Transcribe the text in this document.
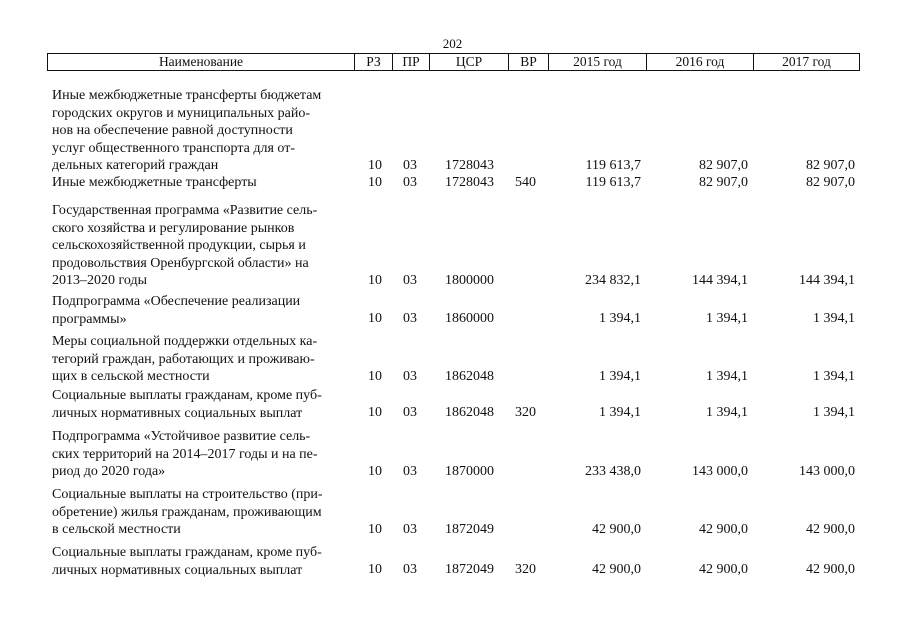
202
Наименование	РЗ	ПР	ЦСР	ВР	2015 год	2016 год	2017 год
Иные межбюджетные трансферты бюджетам
городских округов и муниципальных райо-
нов на обеспечение равной доступности
услуг общественного транспорта для от-
дельных категорий граждан	10 03 1728043	119 613,7	82 907,0	82 907,0
Иные межбюджетные трансферты	10 03 1728043 540	119 613,7	82 907,0	82 907,0
Государственная программа «Развитие сель-
ского хозяйства и регулирование рынков
сельскохозяйственной продукции, сырья и
продовольствия Оренбургской области» на
2013–2020 годы	10 03 1800000	234 832,1	144 394,1	144 394,1
Подпрограмма «Обеспечение реализации
программы»	10 03 1860000	1 394,1	1 394,1	1 394,1
Меры социальной поддержки отдельных ка-
тегорий граждан, работающих и проживаю-
щих в сельской местности	10 03 1862048	1 394,1	1 394,1	1 394,1
Социальные выплаты гражданам, кроме пуб-
личных нормативных социальных выплат	10 03 1862048 320	1 394,1	1 394,1	1 394,1
Подпрограмма «Устойчивое развитие сель-
ских территорий на 2014–2017 годы и на пе-
риод до 2020 года»	10 03 1870000	233 438,0	143 000,0	143 000,0
Социальные выплаты на строительство (при-
обретение) жилья гражданам, проживающим
в сельской местности	10 03 1872049	42 900,0	42 900,0	42 900,0
Социальные выплаты гражданам, кроме пуб-
личных нормативных социальных выплат	10 03 1872049 320	42 900,0	42 900,0	42 900,0
